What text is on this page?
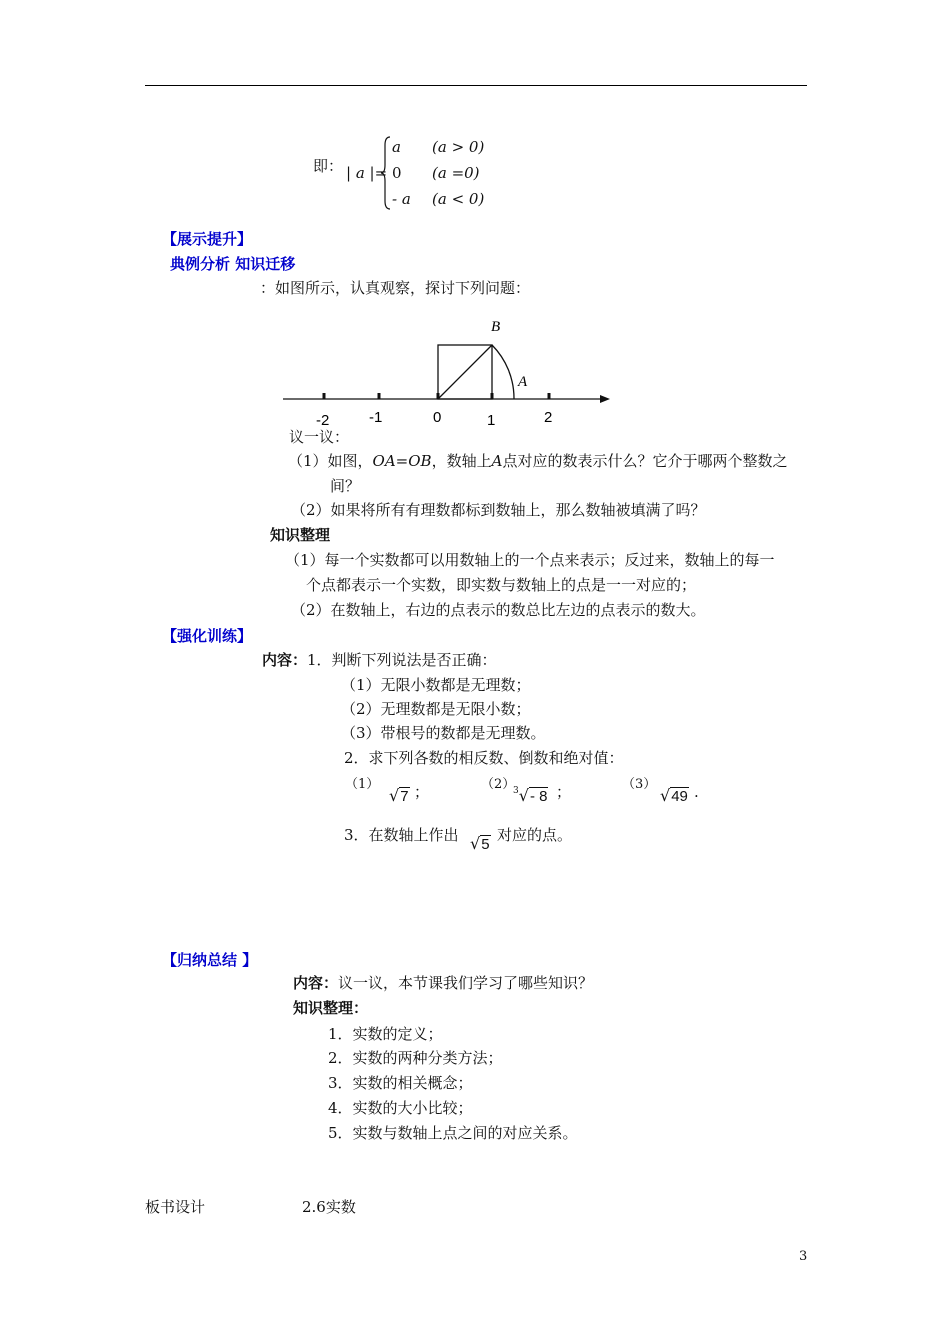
即： | a |=
a (a > 0)
0 (a =0)
- a (a < 0)
【展示提升】
典例分析 知识迁移
：如图所示，认真观察，探讨下列问题：
B
A
-2	-1	0	1	2
议一议：
（1）如图，OA=OB，数轴上A点对应的数表示什么？它介于哪两个整数之
间？
（2）如果将所有有理数都标到数轴上，那么数轴被填满了吗？
知识整理
（1）每一个实数都可以用数轴上的一个点来表示；反过来，数轴上的每一
个点都表示一个实数，即实数与数轴上的点是一一对应的；
（2）在数轴上，右边的点表示的数总比左边的点表示的数大。
【强化训练】
内容：1．判断下列说法是否正确：
（1）无限小数都是无理数；
（2）无理数都是无限小数；
（3）带根号的数都是无理数。
2．求下列各数的相反数、倒数和绝对值：
（1）
√7 ；	（2）
$^3$√- 8 ；	（3）
√49 .
3．在数轴上作出 √5
对应的点。
【归纳总结 】
内容：议一议，本节课我们学习了哪些知识？
知识整理：
1．实数的定义；
2．实数的两种分类方法；
3．实数的相关概念；
4．实数的大小比较；
5．实数与数轴上点之间的对应关系。
板书设计	2.6实数
3
